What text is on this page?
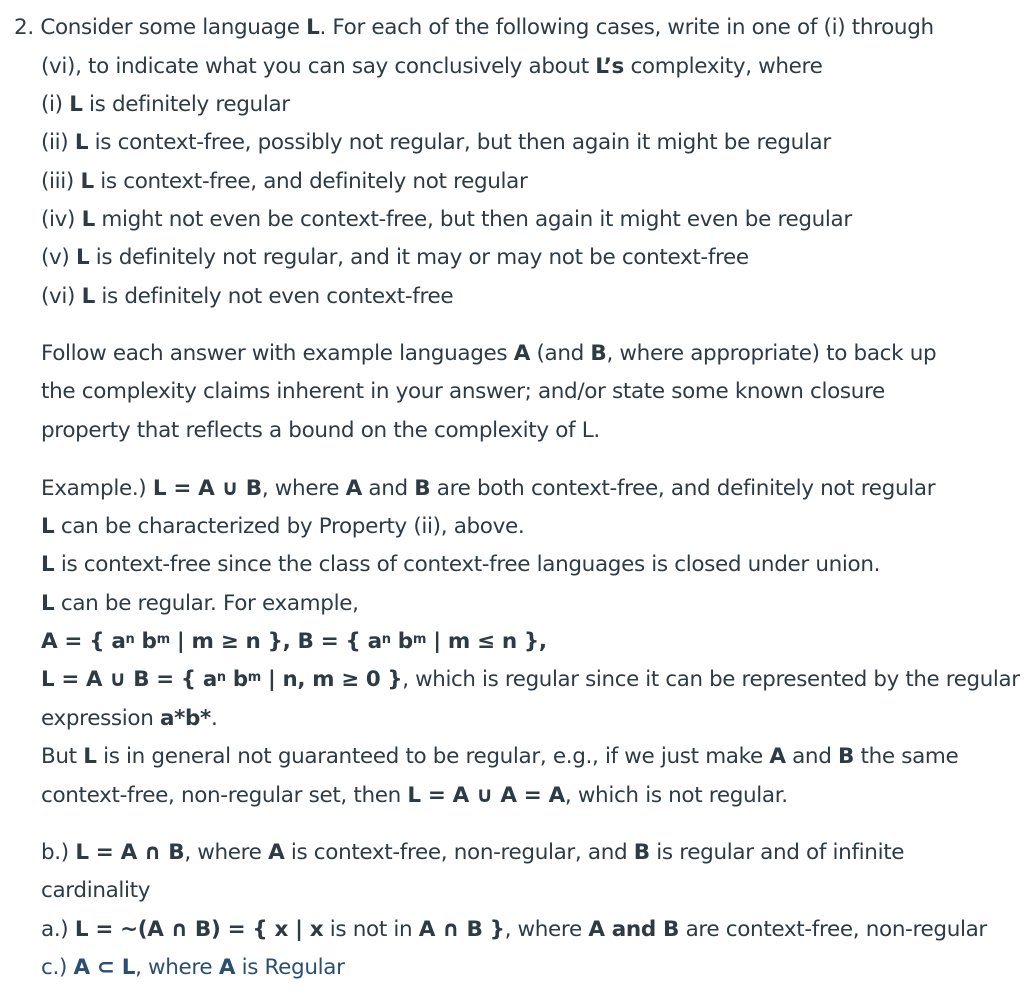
2. Consider some language L. For each of the following cases, write in one of (i) through
(vi), to indicate what you can say conclusively about L’s complexity, where
(i) L is definitely regular
(ii) L is context-free, possibly not regular, but then again it might be regular
(iii) L is context-free, and definitely not regular
(iv) L might not even be context-free, but then again it might even be regular
(v) L is definitely not regular, and it may or may not be context-free
(vi) L is definitely not even context-free
Follow each answer with example languages A (and B, where appropriate) to back up
the complexity claims inherent in your answer; and/or state some known closure
property that reflects a bound on the complexity of L.
Example.) L = A ∪ B, where A and B are both context-free, and definitely not regular
L can be characterized by Property (ii), above.
L is context-free since the class of context-free languages is closed under union.
L can be regular. For example,
A = { $a^n$ $b^m$ | m ≥ n }, B = { $a^n$ $b^m$ | m ≤ n },
L = A ∪ B = { $a^n$ $b^m$ | n, m ≥ 0 }, which is regular since it can be represented by the regular
expression a*b*.
But L is in general not guaranteed to be regular, e.g., if we just make A and B the same
context-free, non-regular set, then L = A ∪ A = A, which is not regular.
b.) L = A ∩ B, where A is context-free, non-regular, and B is regular and of infinite
cardinality
a.) L = ~(A ∩ B) = { x | x is not in A ∩ B }, where A and B are context-free, non-regular
c.) A ⊂ L, where A is Regular
